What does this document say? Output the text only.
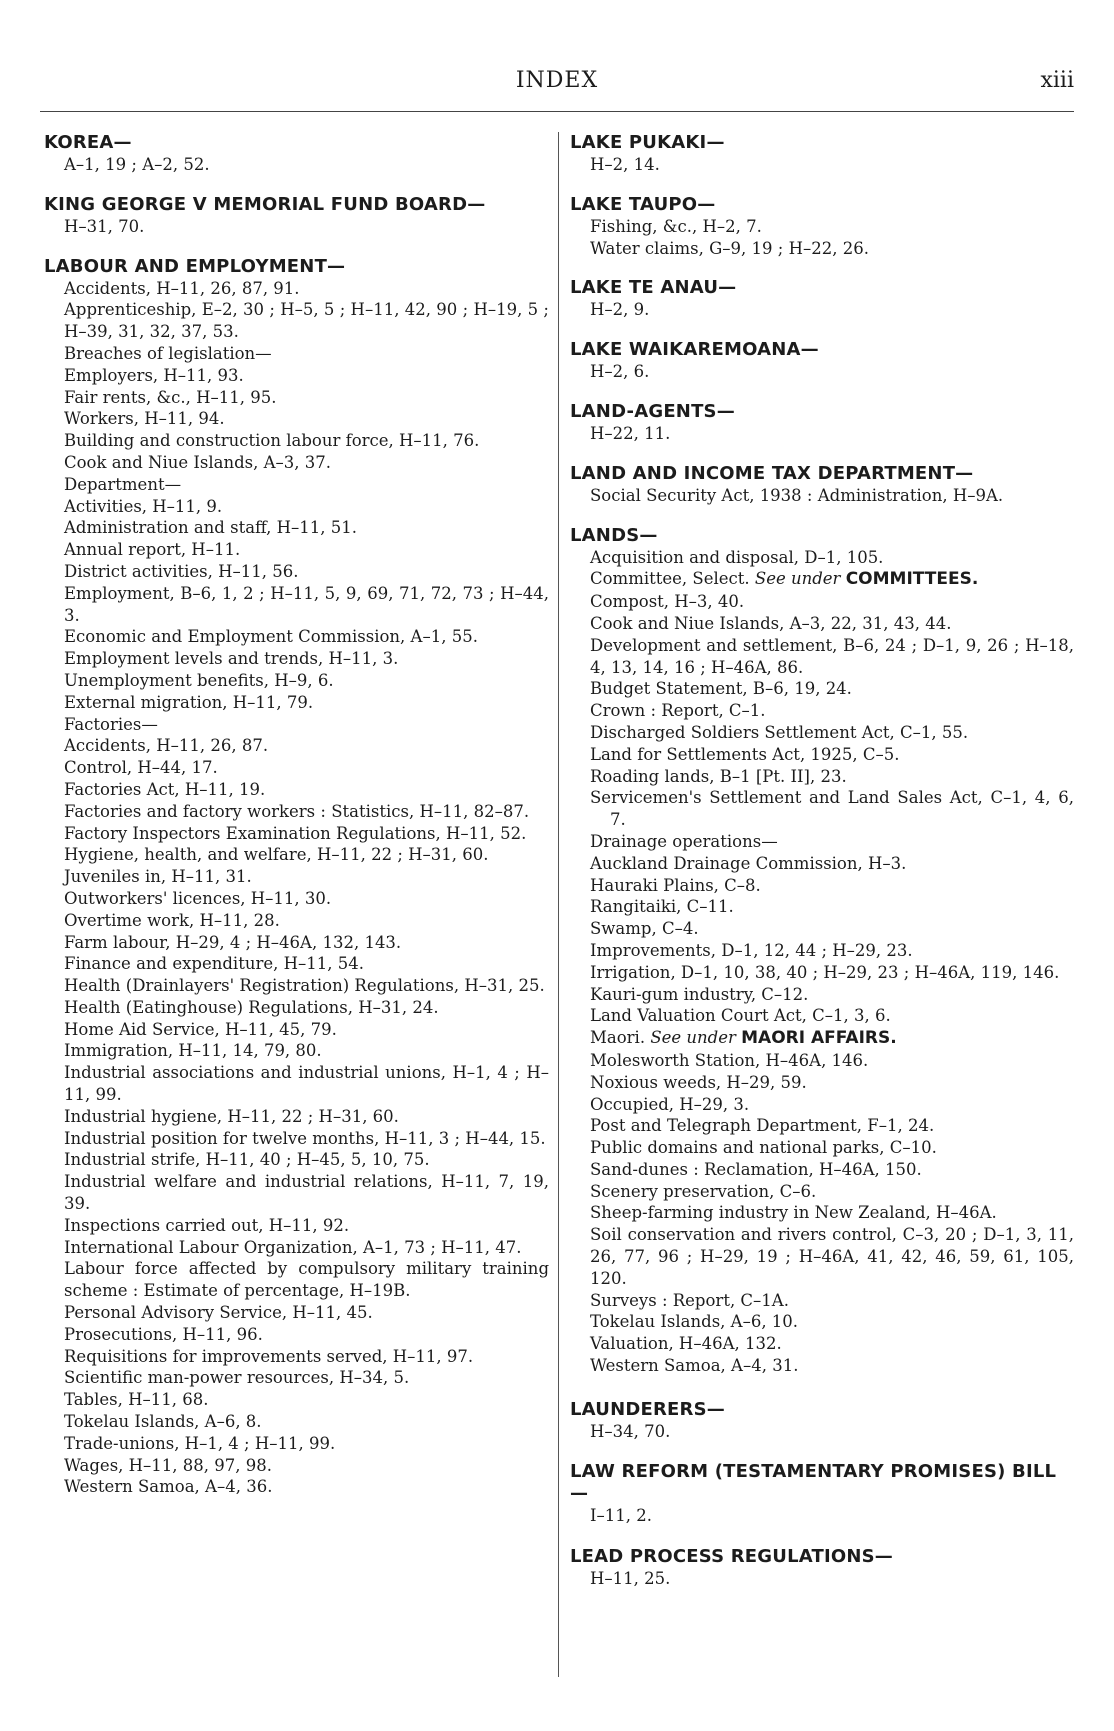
INDEX	xiii
KOREA—
A–1, 19 ; A–2, 52.
KING GEORGE V MEMORIAL FUND BOARD—
H–31, 70.
LABOUR AND EMPLOYMENT—
Accidents, H–11, 26, 87, 91.
Apprenticeship, E–2, 30 ; H–5, 5 ; H–11, 42, 90 ; H–19, 5 ; H–39, 31, 32, 37, 53.
Breaches of legislation—
Employers, H–11, 93.
Fair rents, &c., H–11, 95.
Workers, H–11, 94.
Building and construction labour force, H–11, 76.
Cook and Niue Islands, A–3, 37.
Department—
Activities, H–11, 9.
Administration and staff, H–11, 51.
Annual report, H–11.
District activities, H–11, 56.
Employment, B–6, 1, 2 ; H–11, 5, 9, 69, 71, 72, 73 ; H–44, 3.
Economic and Employment Commission, A–1, 55.
Employment levels and trends, H–11, 3.
Unemployment benefits, H–9, 6.
External migration, H–11, 79.
Factories—
Accidents, H–11, 26, 87.
Control, H–44, 17.
Factories Act, H–11, 19.
Factories and factory workers : Statistics, H–11, 82–87.
Factory Inspectors Examination Regulations, H–11, 52.
Hygiene, health, and welfare, H–11, 22 ; H–31, 60.
Juveniles in, H–11, 31.
Outworkers' licences, H–11, 30.
Overtime work, H–11, 28.
Farm labour, H–29, 4 ; H–46A, 132, 143.
Finance and expenditure, H–11, 54.
Health (Drainlayers' Registration) Regulations, H–31, 25.
Health (Eatinghouse) Regulations, H–31, 24.
Home Aid Service, H–11, 45, 79.
Immigration, H–11, 14, 79, 80.
Industrial associations and industrial unions, H–1, 4 ; H–11, 99.
Industrial hygiene, H–11, 22 ; H–31, 60.
Industrial position for twelve months, H–11, 3 ; H–44, 15.
Industrial strife, H–11, 40 ; H–45, 5, 10, 75.
Industrial welfare and industrial relations, H–11, 7, 19, 39.
Inspections carried out, H–11, 92.
International Labour Organization, A–1, 73 ; H–11, 47.
Labour force affected by compulsory military training scheme : Estimate of percentage, H–19B.
Personal Advisory Service, H–11, 45.
Prosecutions, H–11, 96.
Requisitions for improvements served, H–11, 97.
Scientific man-power resources, H–34, 5.
Tables, H–11, 68.
Tokelau Islands, A–6, 8.
Trade-unions, H–1, 4 ; H–11, 99.
Wages, H–11, 88, 97, 98.
Western Samoa, A–4, 36.
LAKE PUKAKI—
H–2, 14.
LAKE TAUPO—
Fishing, &c., H–2, 7.
Water claims, G–9, 19 ; H–22, 26.
LAKE TE ANAU—
H–2, 9.
LAKE WAIKAREMOANA—
H–2, 6.
LAND-AGENTS—
H–22, 11.
LAND AND INCOME TAX DEPARTMENT—
Social Security Act, 1938 : Administration, H–9A.
LANDS—
Acquisition and disposal, D–1, 105.
Committee, Select. See under COMMITTEES.
Compost, H–3, 40.
Cook and Niue Islands, A–3, 22, 31, 43, 44.
Development and settlement, B–6, 24 ; D–1, 9, 26 ; H–18, 4, 13, 14, 16 ; H–46A, 86.
Budget Statement, B–6, 19, 24.
Crown : Report, C–1.
Discharged Soldiers Settlement Act, C–1, 55.
Land for Settlements Act, 1925, C–5.
Roading lands, B–1 [Pt. II], 23.
Servicemen's Settlement and Land Sales Act, C–1, 4, 6, 7.
Drainage operations—
Auckland Drainage Commission, H–3.
Hauraki Plains, C–8.
Rangitaiki, C–11.
Swamp, C–4.
Improvements, D–1, 12, 44 ; H–29, 23.
Irrigation, D–1, 10, 38, 40 ; H–29, 23 ; H–46A, 119, 146.
Kauri-gum industry, C–12.
Land Valuation Court Act, C–1, 3, 6.
Maori. See under MAORI AFFAIRS.
Molesworth Station, H–46A, 146.
Noxious weeds, H–29, 59.
Occupied, H–29, 3.
Post and Telegraph Department, F–1, 24.
Public domains and national parks, C–10.
Sand-dunes : Reclamation, H–46A, 150.
Scenery preservation, C–6.
Sheep-farming industry in New Zealand, H–46A.
Soil conservation and rivers control, C–3, 20 ; D–1, 3, 11, 26, 77, 96 ; H–29, 19 ; H–46A, 41, 42, 46, 59, 61, 105, 120.
Surveys : Report, C–1A.
Tokelau Islands, A–6, 10.
Valuation, H–46A, 132.
Western Samoa, A–4, 31.
LAUNDERERS—
H–34, 70.
LAW REFORM (TESTAMENTARY PROMISES) BILL—
I–11, 2.
LEAD PROCESS REGULATIONS—
H–11, 25.
